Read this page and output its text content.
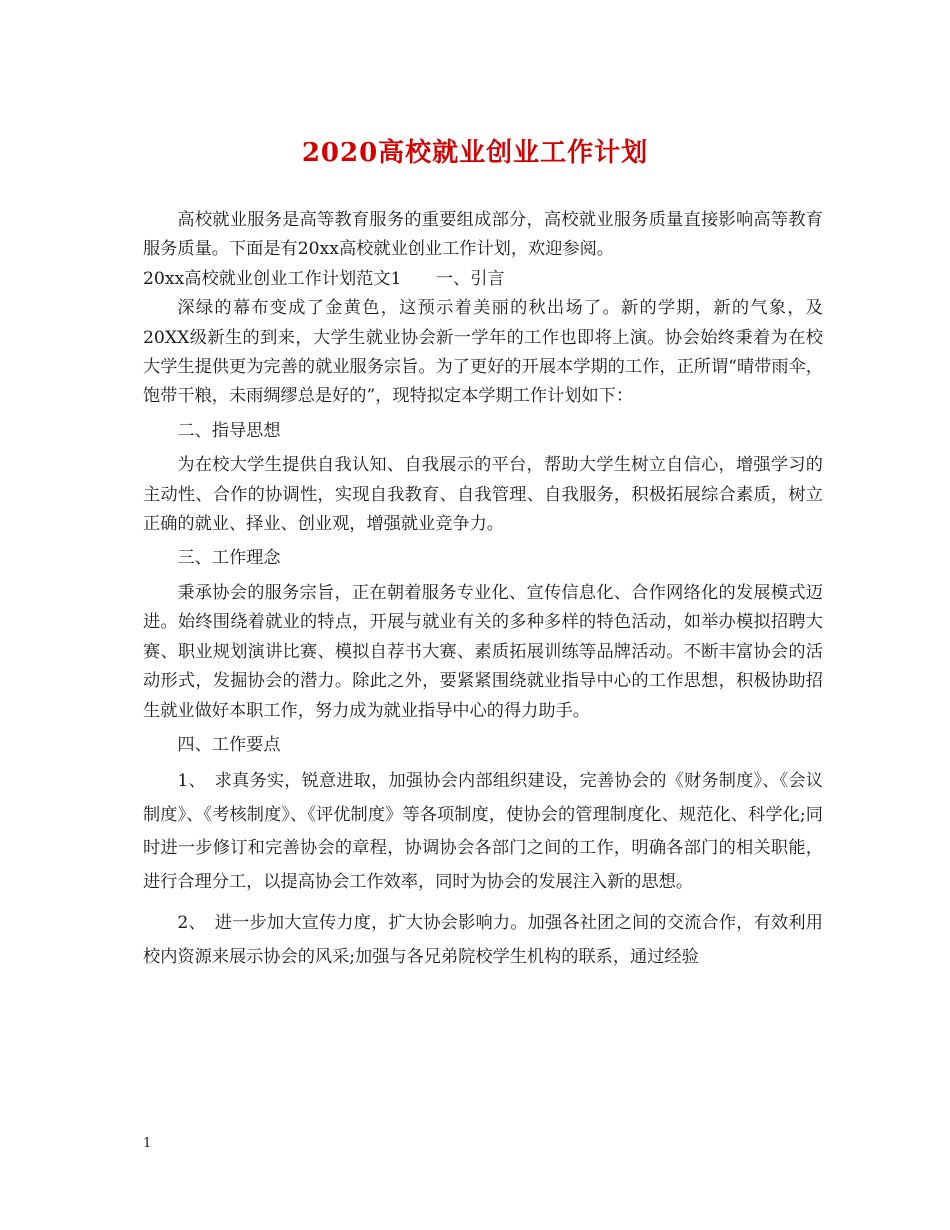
2020高校就业创业工作计划

高校就业服务是高等教育服务的重要组成部分，高校就业服务质量直接影响高等教育服务质量。下面是有20xx高校就业创业工作计划，欢迎参阅。

20xx高校就业创业工作计划范文1　　一、引言

深绿的幕布变成了金黄色，这预示着美丽的秋出场了。新的学期，新的气象，及20XX级新生的到来，大学生就业协会新一学年的工作也即将上演。协会始终秉着为在校大学生提供更为完善的就业服务宗旨。为了更好的开展本学期的工作，正所谓“晴带雨伞，饱带干粮，未雨绸缪总是好的”，现特拟定本学期工作计划如下：

二、指导思想

为在校大学生提供自我认知、自我展示的平台，帮助大学生树立自信心，增强学习的主动性、合作的协调性，实现自我教育、自我管理、自我服务，积极拓展综合素质，树立正确的就业、择业、创业观，增强就业竞争力。

三、工作理念

秉承协会的服务宗旨，正在朝着服务专业化、宣传信息化、合作网络化的发展模式迈进。始终围绕着就业的特点，开展与就业有关的多种多样的特色活动，如举办模拟招聘大赛、职业规划演讲比赛、模拟自荐书大赛、素质拓展训练等品牌活动。不断丰富协会的活动形式，发掘协会的潜力。除此之外，要紧紧围绕就业指导中心的工作思想，积极协助招生就业做好本职工作，努力成为就业指导中心的得力助手。

四、工作要点

1、　求真务实，锐意进取，加强协会内部组织建设，完善协会的《财务制度》、《会议制度》、《考核制度》、《评优制度》等各项制度，使协会的管理制度化、规范化、科学化;同时进一步修订和完善协会的章程，协调协会各部门之间的工作，明确各部门的相关职能，进行合理分工，以提高协会工作效率，同时为协会的发展注入新的思想。

2、　进一步加大宣传力度，扩大协会影响力。加强各社团之间的交流合作，有效利用校内资源来展示协会的风采;加强与各兄弟院校学生机构的联系，通过经验

1
